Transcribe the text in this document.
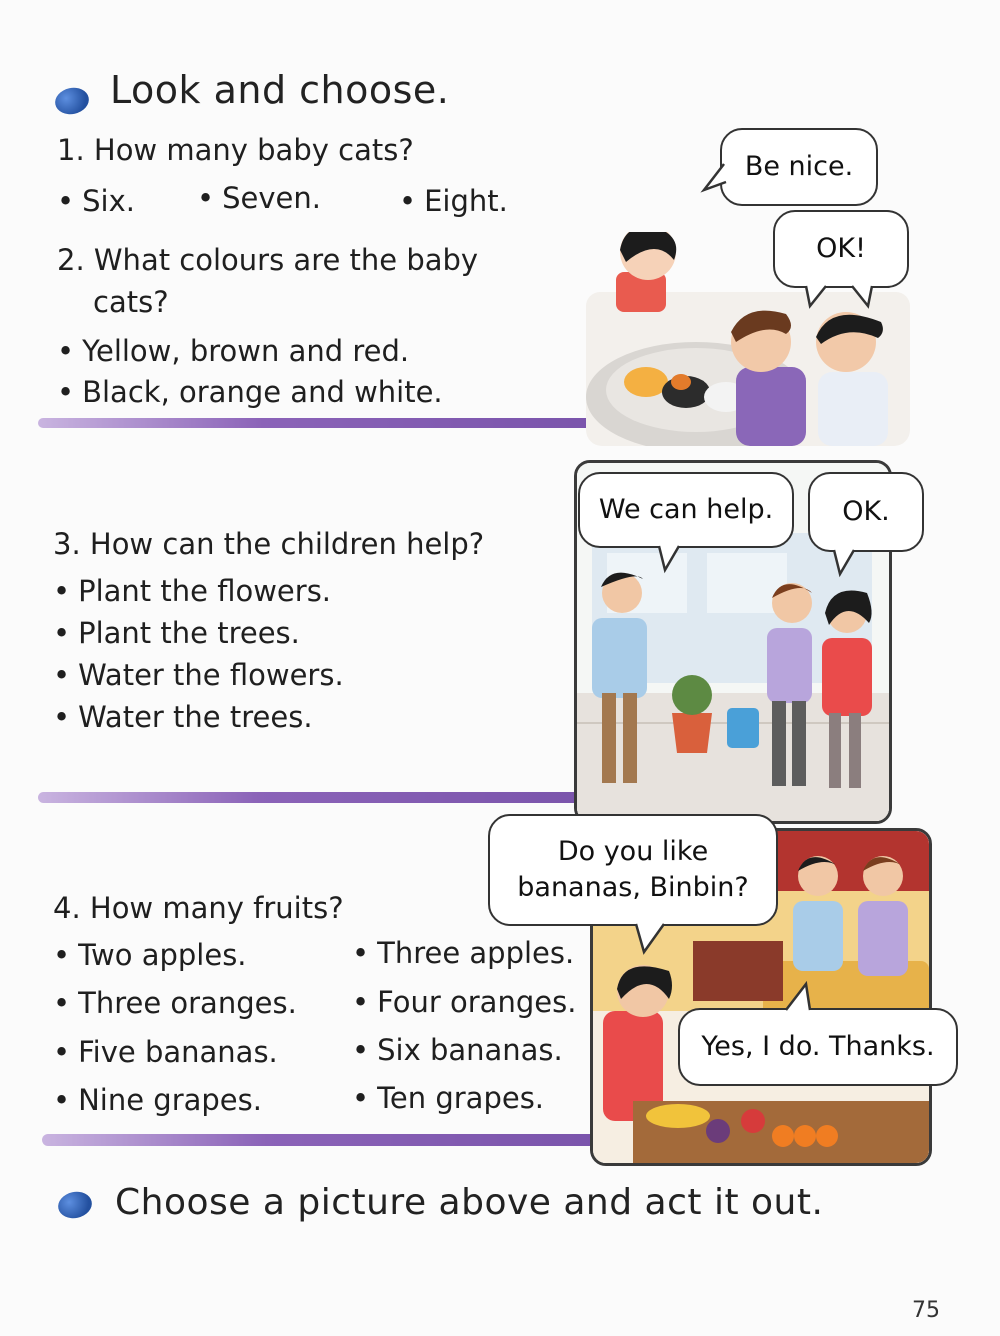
Look and choose.
1. How many baby cats?
• Six.	• Seven.	• Eight.
2. What colours are the baby
cats?
• Yellow, brown and red.
• Black, orange and white.
Be nice.
OK!
3. How can the children help?
• Plant the flowers.
• Plant the trees.
• Water the flowers.
• Water the trees.
We can help.	OK.
4. How many fruits?
• Two apples.
• Three oranges.
• Five bananas.
• Nine grapes.
• Three apples.
• Four oranges.
• Six bananas.
• Ten grapes.
Do you like
bananas, Binbin?
Yes, I do. Thanks.
Choose a picture above and act it out.
75
